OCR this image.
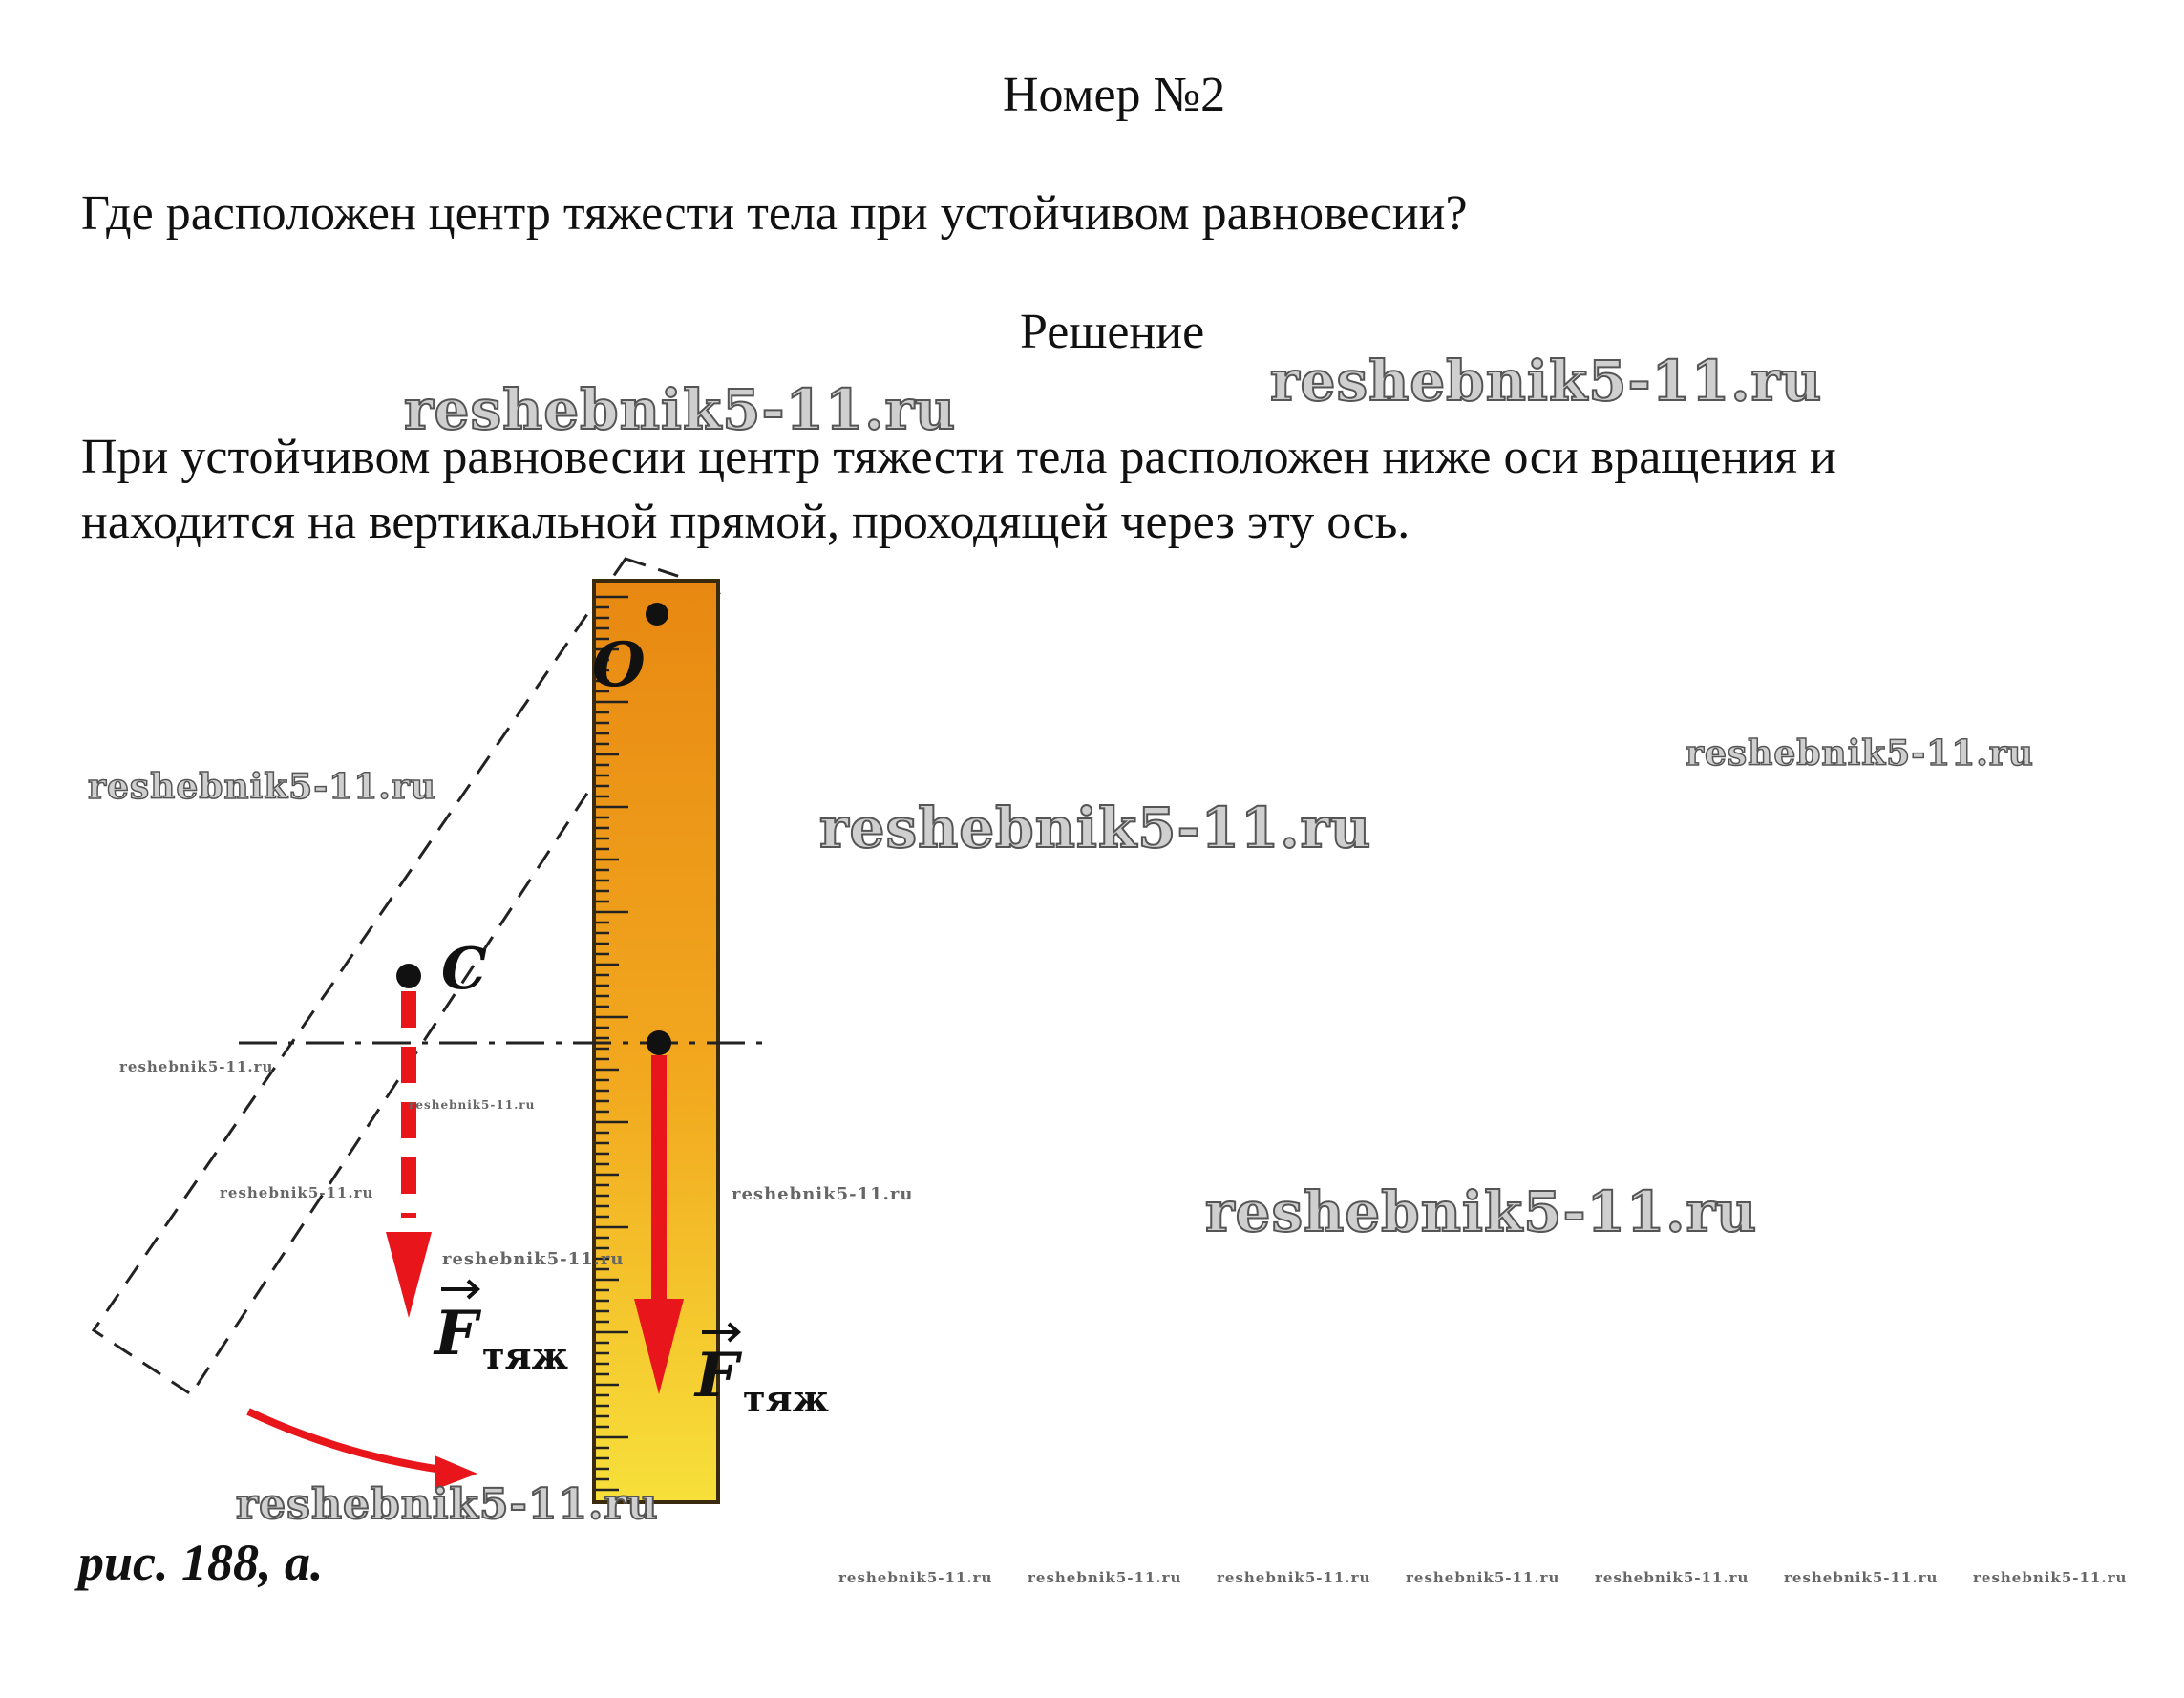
Номер №2
Где расположен центр тяжести тела при устойчивом равновесии?
Решение
При устойчивом равновесии центр тяжести тела расположен ниже оси вращения и
находится на вертикальной прямой, проходящей через эту ось.
O
C
F тяж F тяж
рис. 188, а.
reshebnik5-11.ru
reshebnik5-11.ru
reshebnik5-11.ru
reshebnik5-11.ru
reshebnik5-11.ru
reshebnik5-11.ru
reshebnik5-11.ru
reshebnik5-11.ru
reshebnik5-11.ru
reshebnik5-11.ru	reshebnik5-11.ru
reshebnik5-11.ru
reshebnik5-11.ru reshebnik5-11.ru reshebnik5-11.ru reshebnik5-11.ru reshebnik5-11.ru reshebnik5-11.ru reshebnik5-11.ru
